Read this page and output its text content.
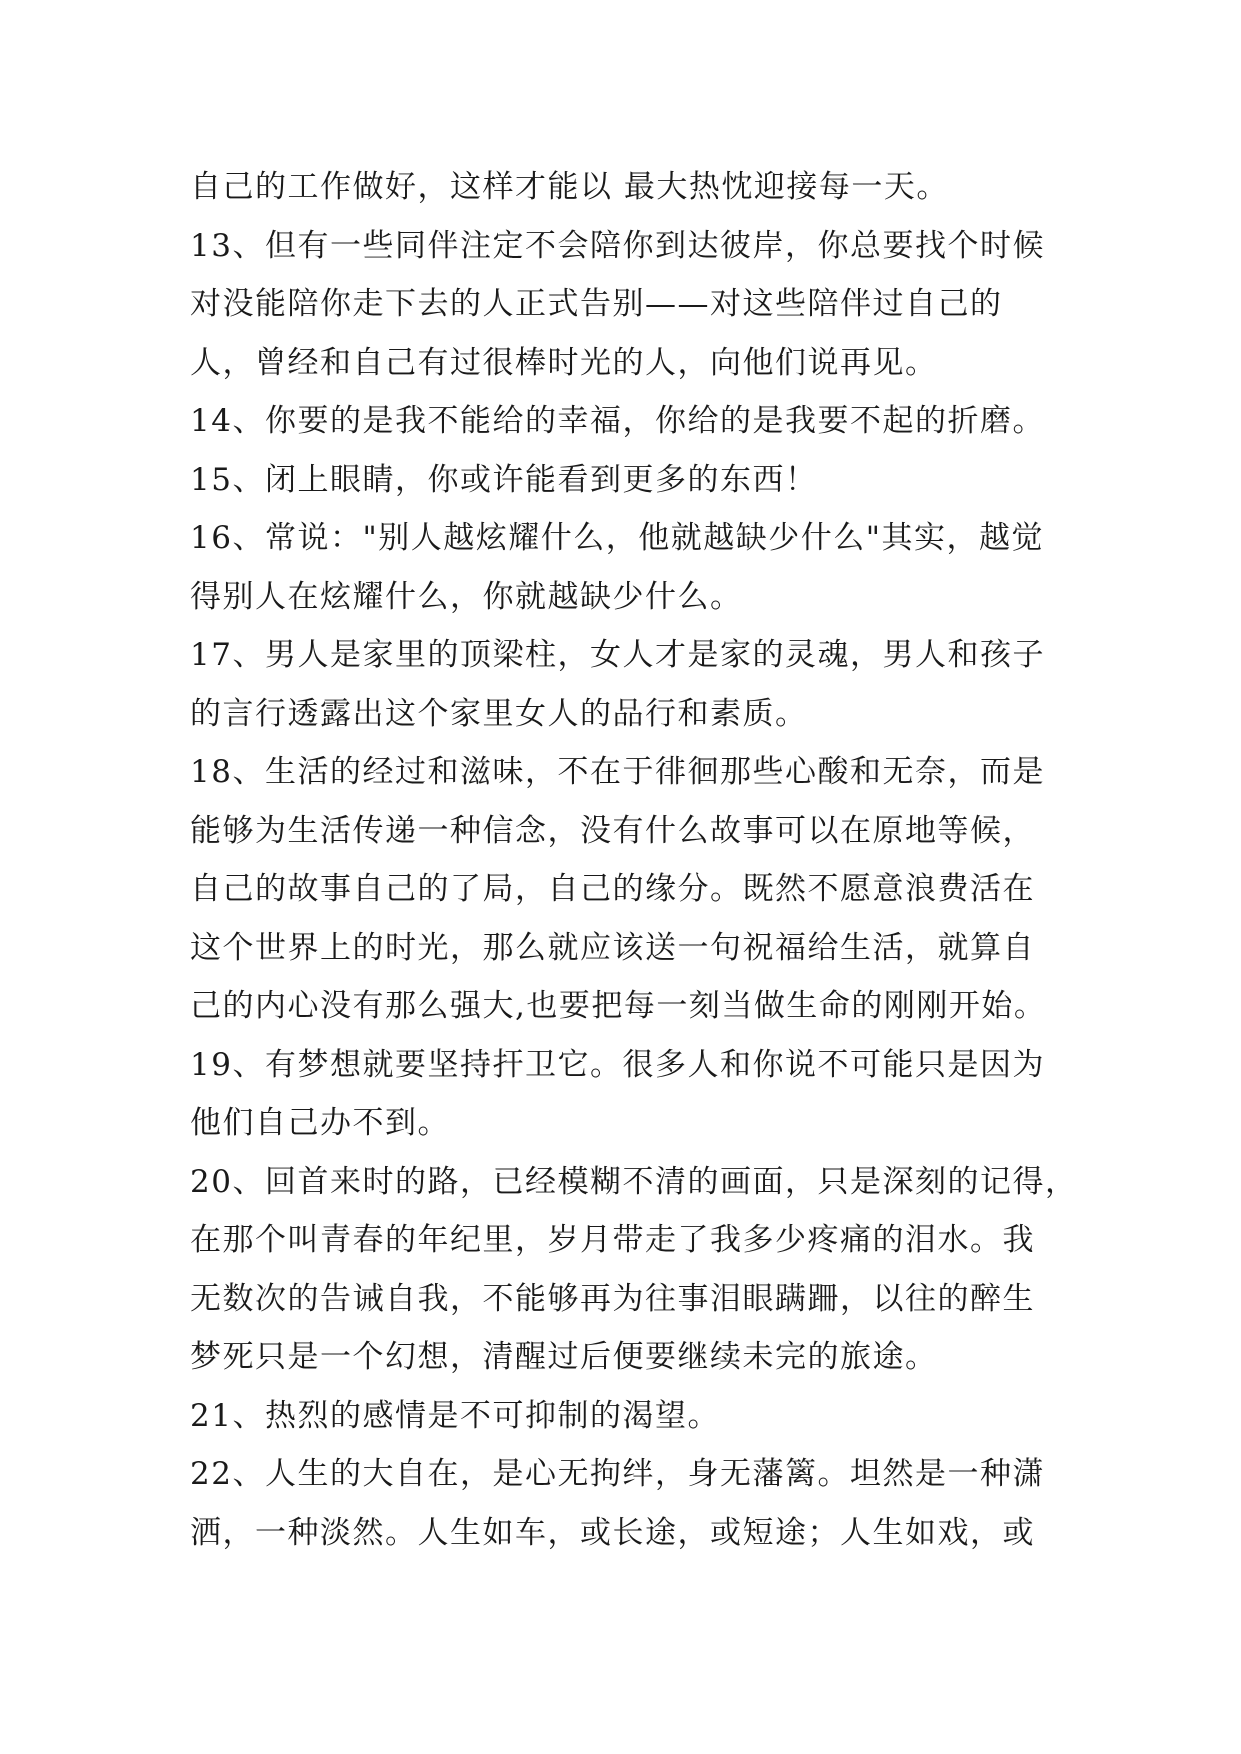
自己的工作做好，这样才能以 最大热忱迎接每一天。
13、但有一些同伴注定不会陪你到达彼岸，你总要找个时候
对没能陪你走下去的人正式告别——对这些陪伴过自己的
人，曾经和自己有过很棒时光的人，向他们说再见。
14、你要的是我不能给的幸福，你给的是我要不起的折磨。
15、闭上眼睛，你或许能看到更多的东西！
16、常说："别人越炫耀什么，他就越缺少什么"其实，越觉
得别人在炫耀什么，你就越缺少什么。
17、男人是家里的顶梁柱，女人才是家的灵魂，男人和孩子
的言行透露出这个家里女人的品行和素质。
18、生活的经过和滋味，不在于徘徊那些心酸和无奈，而是
能够为生活传递一种信念，没有什么故事可以在原地等候，
自己的故事自己的了局，自己的缘分。既然不愿意浪费活在
这个世界上的时光，那么就应该送一句祝福给生活，就算自
己的内心没有那么强大,也要把每一刻当做生命的刚刚开始。
19、有梦想就要坚持扞卫它。很多人和你说不可能只是因为
他们自己办不到。
20、回首来时的路，已经模糊不清的画面，只是深刻的记得，
在那个叫青春的年纪里，岁月带走了我多少疼痛的泪水。我
无数次的告诫自我，不能够再为往事泪眼蹒跚，以往的醉生
梦死只是一个幻想，清醒过后便要继续未完的旅途。
21、热烈的感情是不可抑制的渴望。
22、人生的大自在，是心无拘绊，身无藩篱。坦然是一种潇
洒，一种淡然。人生如车，或长途，或短途；人生如戏，或
